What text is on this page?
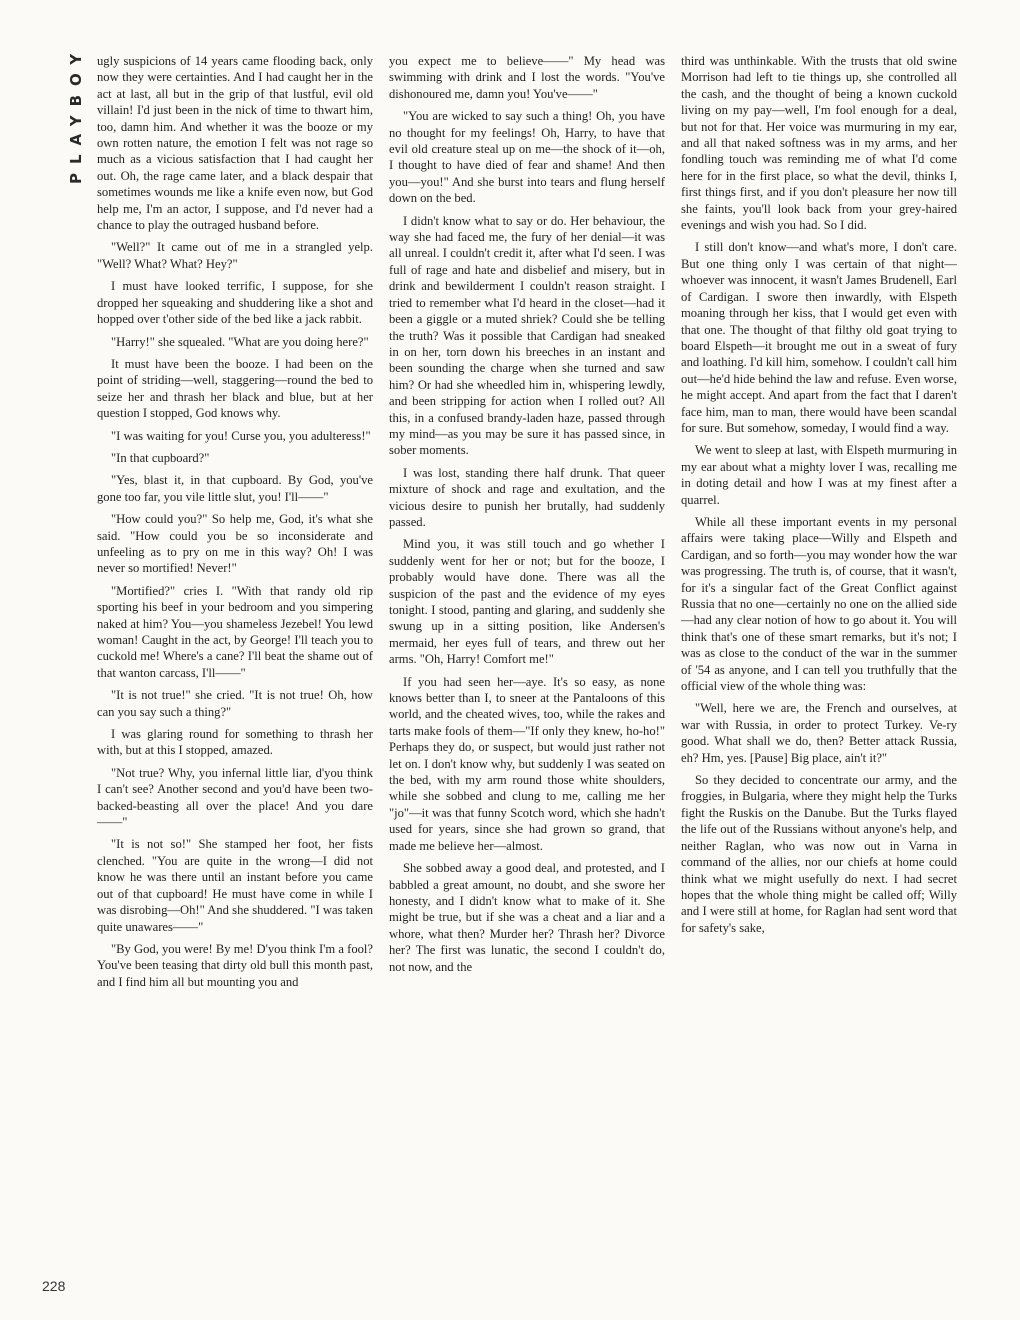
PLAYBOY ugly suspicions of 14 years came flooding back, only now they were certainties. And I had caught her in the act at last, all but in the grip of that lustful, evil old villain! I'd just been in the nick of time to thwart him, too, damn him. And whether it was the booze or my own rotten nature, the emotion I felt was not rage so much as a vicious satisfaction that I had caught her out. Oh, the rage came later, and a black despair that sometimes wounds me like a knife even now, but God help me, I'm an actor, I suppose, and I'd never had a chance to play the outraged husband before.

"Well?" It came out of me in a strangled yelp. "Well? What? What? Hey?"

I must have looked terrific, I suppose, for she dropped her squeaking and shuddering like a shot and hopped over t'other side of the bed like a jack rabbit.

"Harry!" she squealed. "What are you doing here?"

It must have been the booze. I had been on the point of striding—well, staggering—round the bed to seize her and thrash her black and blue, but at her question I stopped, God knows why.

"I was waiting for you! Curse you, you adulteress!"

"In that cupboard?"

"Yes, blast it, in that cupboard. By God, you've gone too far, you vile little slut, you! I'll——"

"How could you?" So help me, God, it's what she said. "How could you be so inconsiderate and unfeeling as to pry on me in this way? Oh! I was never so mortified! Never!"

"Mortified?" cries I. "With that randy old rip sporting his beef in your bedroom and you simpering naked at him? You—you shameless Jezebel! You lewd woman! Caught in the act, by George! I'll teach you to cuckold me! Where's a cane? I'll beat the shame out of that wanton carcass, I'll——"

"It is not true!" she cried. "It is not true! Oh, how can you say such a thing?"

I was glaring round for something to thrash her with, but at this I stopped, amazed.

"Not true? Why, you infernal little liar, d'you think I can't see? Another second and you'd have been two-backed-beasting all over the place! And you dare——"

"It is not so!" She stamped her foot, her fists clenched. "You are quite in the wrong—I did not know he was there until an instant before you came out of that cupboard! He must have come in while I was disrobing—Oh!" And she shuddered. "I was taken quite unawares——"

"By God, you were! By me! D'you think I'm a fool? You've been teasing that dirty old bull this month past, and I find him all but mounting you and

you expect me to believe——" My head was swimming with drink and I lost the words. "You've dishonoured me, damn you! You've——"

"You are wicked to say such a thing! Oh, you have no thought for my feelings! Oh, Harry, to have that evil old creature steal up on me—the shock of it—oh, I thought to have died of fear and shame! And then you—you!" And she burst into tears and flung herself down on the bed.

I didn't know what to say or do. Her behaviour, the way she had faced me, the fury of her denial—it was all unreal. I couldn't credit it, after what I'd seen. I was full of rage and hate and disbelief and misery, but in drink and bewilderment I couldn't reason straight. I tried to remember what I'd heard in the closet—had it been a giggle or a muted shriek? Could she be telling the truth? Was it possible that Cardigan had sneaked in on her, torn down his breeches in an instant and been sounding the charge when she turned and saw him? Or had she wheedled him in, whispering lewdly, and been stripping for action when I rolled out? All this, in a confused brandy-laden haze, passed through my mind—as you may be sure it has passed since, in sober moments.

I was lost, standing there half drunk. That queer mixture of shock and rage and exultation, and the vicious desire to punish her brutally, had suddenly passed.

Mind you, it was still touch and go whether I suddenly went for her or not; but for the booze, I probably would have done. There was all the suspicion of the past and the evidence of my eyes tonight. I stood, panting and glaring, and suddenly she swung up in a sitting position, like Andersen's mermaid, her eyes full of tears, and threw out her arms. "Oh, Harry! Comfort me!"

If you had seen her—aye. It's so easy, as none knows better than I, to sneer at the Pantaloons of this world, and the cheated wives, too, while the rakes and tarts make fools of them—"If only they knew, ho-ho!" Perhaps they do, or suspect, but would just rather not let on. I don't know why, but suddenly I was seated on the bed, with my arm round those white shoulders, while she sobbed and clung to me, calling me her "jo"—it was that funny Scotch word, which she hadn't used for years, since she had grown so grand, that made me believe her—almost.

She sobbed away a good deal, and protested, and I babbled a great amount, no doubt, and she swore her honesty, and I didn't know what to make of it. She might be true, but if she was a cheat and a liar and a whore, what then? Murder her? Thrash her? Divorce her? The first was lunatic, the second I couldn't do, not now, and the

third was unthinkable. With the trusts that old swine Morrison had left to tie things up, she controlled all the cash, and the thought of being a known cuckold living on my pay—well, I'm fool enough for a deal, but not for that. Her voice was murmuring in my ear, and all that naked softness was in my arms, and her fondling touch was reminding me of what I'd come here for in the first place, so what the devil, thinks I, first things first, and if you don't pleasure her now till she faints, you'll look back from your grey-haired evenings and wish you had. So I did.

I still don't know—and what's more, I don't care. But one thing only I was certain of that night—whoever was innocent, it wasn't James Brudenell, Earl of Cardigan. I swore then inwardly, with Elspeth moaning through her kiss, that I would get even with that one. The thought of that filthy old goat trying to board Elspeth—it brought me out in a sweat of fury and loathing. I'd kill him, somehow. I couldn't call him out—he'd hide behind the law and refuse. Even worse, he might accept. And apart from the fact that I daren't face him, man to man, there would have been scandal for sure. But somehow, someday, I would find a way.

We went to sleep at last, with Elspeth murmuring in my ear about what a mighty lover I was, recalling me in doting detail and how I was at my finest after a quarrel.

While all these important events in my personal affairs were taking place—Willy and Elspeth and Cardigan, and so forth—you may wonder how the war was progressing. The truth is, of course, that it wasn't, for it's a singular fact of the Great Conflict against Russia that no one—certainly no one on the allied side—had any clear notion of how to go about it. You will think that's one of these smart remarks, but it's not; I was as close to the conduct of the war in the summer of '54 as anyone, and I can tell you truthfully that the official view of the whole thing was:

"Well, here we are, the French and ourselves, at war with Russia, in order to protect Turkey. Ve-ry good. What shall we do, then? Better attack Russia, eh? Hm, yes. [Pause] Big place, ain't it?"

So they decided to concentrate our army, and the froggies, in Bulgaria, where they might help the Turks fight the Ruskis on the Danube. But the Turks flayed the life out of the Russians without anyone's help, and neither Raglan, who was now out in Varna in command of the allies, nor our chiefs at home could think what we might usefully do next. I had secret hopes that the whole thing might be called off; Willy and I were still at home, for Raglan had sent word that for safety's sake,

228
